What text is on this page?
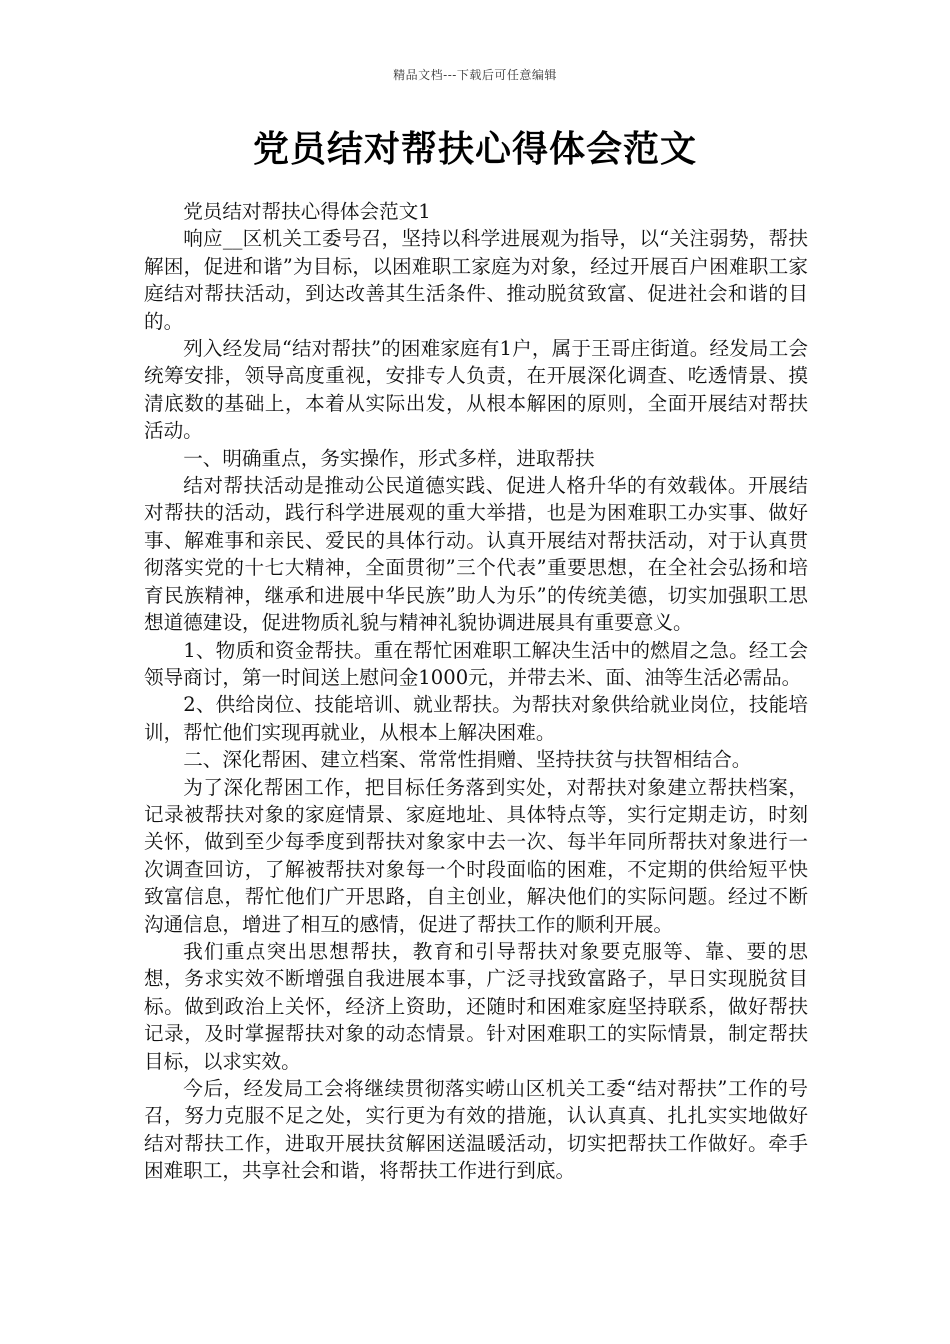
精品文档---下载后可任意编辑
党员结对帮扶心得体会范文

党员结对帮扶心得体会范文1

响应__区机关工委号召，坚持以科学进展观为指导，以“关注弱势，帮扶解困，促进和谐”为目标，以困难职工家庭为对象，经过开展百户困难职工家庭结对帮扶活动，到达改善其生活条件、推动脱贫致富、促进社会和谐的目的。

列入经发局“结对帮扶”的困难家庭有1户，属于王哥庄街道。经发局工会统筹安排，领导高度重视，安排专人负责，在开展深化调查、吃透情景、摸清底数的基础上，本着从实际出发，从根本解困的原则，全面开展结对帮扶活动。

一、明确重点，务实操作，形式多样，进取帮扶

结对帮扶活动是推动公民道德实践、促进人格升华的有效载体。开展结对帮扶的活动，践行科学进展观的重大举措，也是为困难职工办实事、做好事、解难事和亲民、爱民的具体行动。认真开展结对帮扶活动，对于认真贯彻落实党的十七大精神，全面贯彻”三个代表”重要思想，在全社会弘扬和培育民族精神，继承和进展中华民族”助人为乐”的传统美德，切实加强职工思想道德建设，促进物质礼貌与精神礼貌协调进展具有重要意义。

1、物质和资金帮扶。重在帮忙困难职工解决生活中的燃眉之急。经工会领导商讨，第一时间送上慰问金1000元，并带去米、面、油等生活必需品。

2、供给岗位、技能培训、就业帮扶。为帮扶对象供给就业岗位，技能培训，帮忙他们实现再就业，从根本上解决困难。

二、深化帮困、建立档案、常常性捐赠、坚持扶贫与扶智相结合。

为了深化帮困工作，把目标任务落到实处，对帮扶对象建立帮扶档案，记录被帮扶对象的家庭情景、家庭地址、具体特点等，实行定期走访，时刻关怀，做到至少每季度到帮扶对象家中去一次、每半年同所帮扶对象进行一次调查回访，了解被帮扶对象每一个时段面临的困难，不定期的供给短平快致富信息，帮忙他们广开思路，自主创业，解决他们的实际问题。经过不断沟通信息，增进了相互的感情，促进了帮扶工作的顺利开展。

我们重点突出思想帮扶，教育和引导帮扶对象要克服等、靠、要的思想，务求实效不断增强自我进展本事，广泛寻找致富路子，早日实现脱贫目标。做到政治上关怀，经济上资助，还随时和困难家庭坚持联系，做好帮扶记录，及时掌握帮扶对象的动态情景。针对困难职工的实际情景，制定帮扶目标，以求实效。

今后，经发局工会将继续贯彻落实崂山区机关工委“结对帮扶”工作的号召，努力克服不足之处，实行更为有效的措施，认认真真、扎扎实实地做好结对帮扶工作，进取开展扶贫解困送温暖活动，切实把帮扶工作做好。牵手困难职工，共享社会和谐，将帮扶工作进行到底。
